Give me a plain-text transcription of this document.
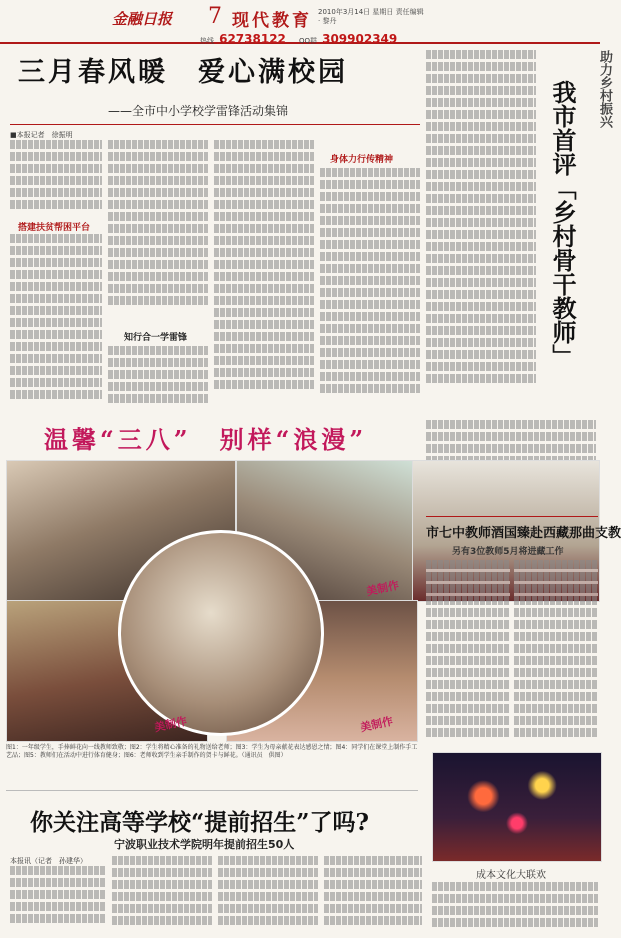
金融日报 7 现代教育 2010年3月14日 星期日 责任编辑 · 黎丹
热线 62738122 QQ群 309902349
三月春风暖　爱心满校园
——全市中小学校学雷锋活动集锦
■本报记者　徐振明
搭建扶贫帮困平台
知行合一学雷锋
身体力行传精神
助力乡村振兴
我市首评「乡村骨干教师」
温馨“三八”　别样“浪漫”
美制作
美制作
美制作
图1：一年级学生，手捧鲜花向一线教师致敬；图2：学生将精心准备的礼物送给老师；图3：学生为母亲献花表达感恩之情；图4：同学们在课堂上制作手工艺品；图5：教师们在活动中进行体育健身；图6：老师收到学生亲手制作的贺卡与鲜花。（通讯员　供图）
市七中教师酒国臻赴西藏那曲支教
另有3位教师5月将进藏工作
成本文化大联欢
你关注高等学校“提前招生”了吗?
宁波职业技术学院明年提前招生50人
本报讯（记者　孙建华）
